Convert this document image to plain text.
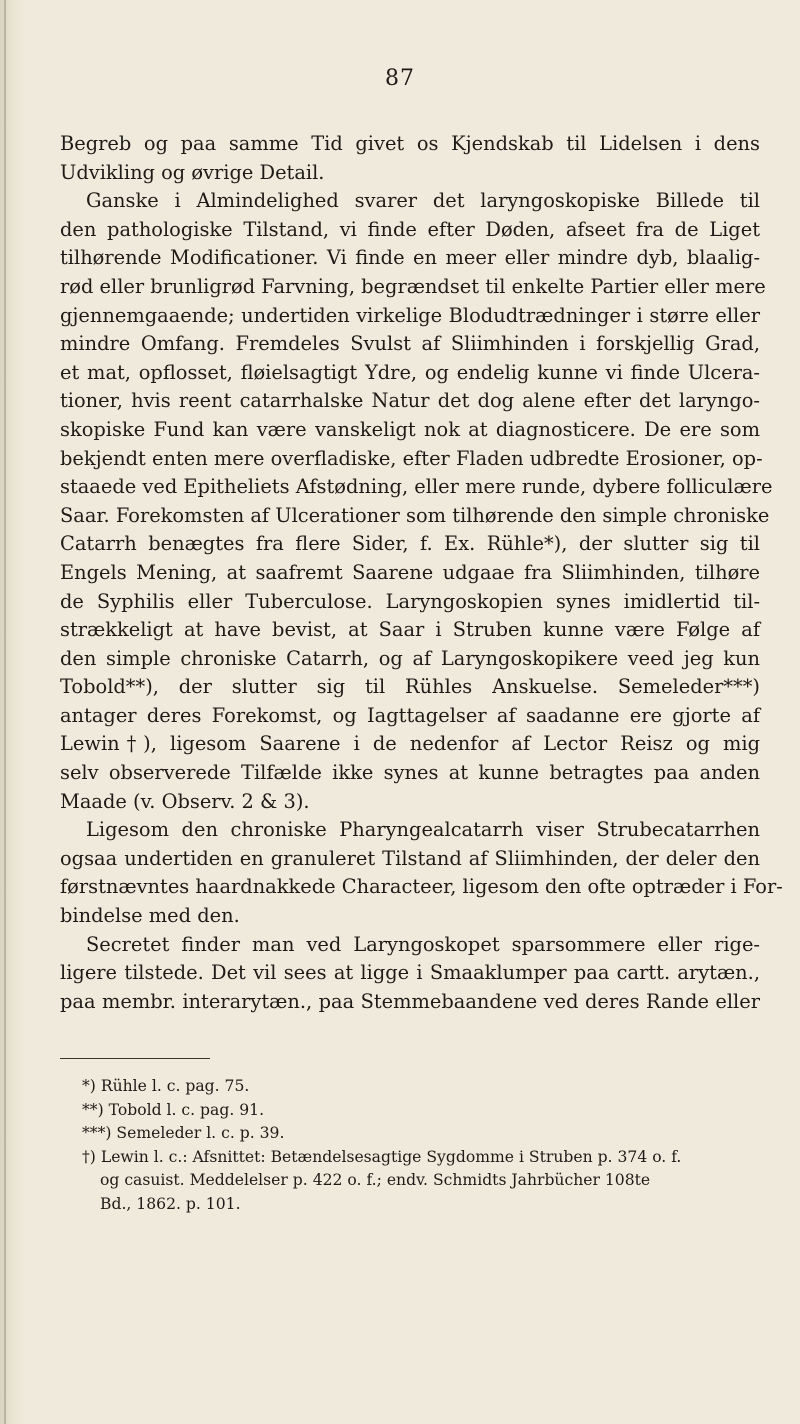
87
Begreb og paa samme Tid givet os Kjendskab til Lidelsen i dens
Udvikling og øvrige Detail.
Ganske i Almindelighed svarer det laryngoskopiske Billede til
den pathologiske Tilstand, vi finde efter Døden, afseet fra de Liget
tilhørende Modificationer. Vi finde en meer eller mindre dyb, blaalig-
rød eller brunligrød Farvning, begrændset til enkelte Partier eller mere
gjennemgaaende; undertiden virkelige Blodudtrædninger i større eller
mindre Omfang. Fremdeles Svulst af Sliimhinden i forskjellig Grad,
et mat, opflosset, fløielsagtigt Ydre, og endelig kunne vi finde Ulcera-
tioner, hvis reent catarrhalske Natur det dog alene efter det laryngo-
skopiske Fund kan være vanskeligt nok at diagnosticere. De ere som
bekjendt enten mere overfladiske, efter Fladen udbredte Erosioner, op-
staaede ved Epitheliets Afstødning, eller mere runde, dybere folliculære
Saar. Forekomsten af Ulcerationer som tilhørende den simple chroniske
Catarrh benægtes fra flere Sider, f. Ex. Rühle*), der slutter sig til
Engels Mening, at saafremt Saarene udgaae fra Sliimhinden, tilhøre
de Syphilis eller Tuberculose. Laryngoskopien synes imidlertid til-
strækkeligt at have bevist, at Saar i Struben kunne være Følge af
den simple chroniske Catarrh, og af Laryngoskopikere veed jeg kun
Tobold**), der slutter sig til Rühles Anskuelse. Semeleder***)
antager deres Forekomst, og Iagttagelser af saadanne ere gjorte af
Lewin†), ligesom Saarene i de nedenfor af Lector Reisz og mig
selv observerede Tilfælde ikke synes at kunne betragtes paa anden
Maade (v. Observ. 2 & 3).
Ligesom den chroniske Pharyngealcatarrh viser Strubecatarrhen
ogsaa undertiden en granuleret Tilstand af Sliimhinden, der deler den
førstnævntes haardnakkede Characteer, ligesom den ofte optræder i For-
bindelse med den.
Secretet finder man ved Laryngoskopet sparsommere eller rige-
ligere tilstede. Det vil sees at ligge i Smaaklumper paa cartt. arytæn.,
paa membr. interarytæn., paa Stemmebaandene ved deres Rande eller
*) Rühle l. c. pag. 75.
**) Tobold l. c. pag. 91.
***) Semeleder l. c. p. 39.
†) Lewin l. c.: Afsnittet: Betændelsesagtige Sygdomme i Struben p. 374 o. f.
og casuist. Meddelelser p. 422 o. f.; endv. Schmidts Jahrbücher 108te
Bd., 1862. p. 101.
